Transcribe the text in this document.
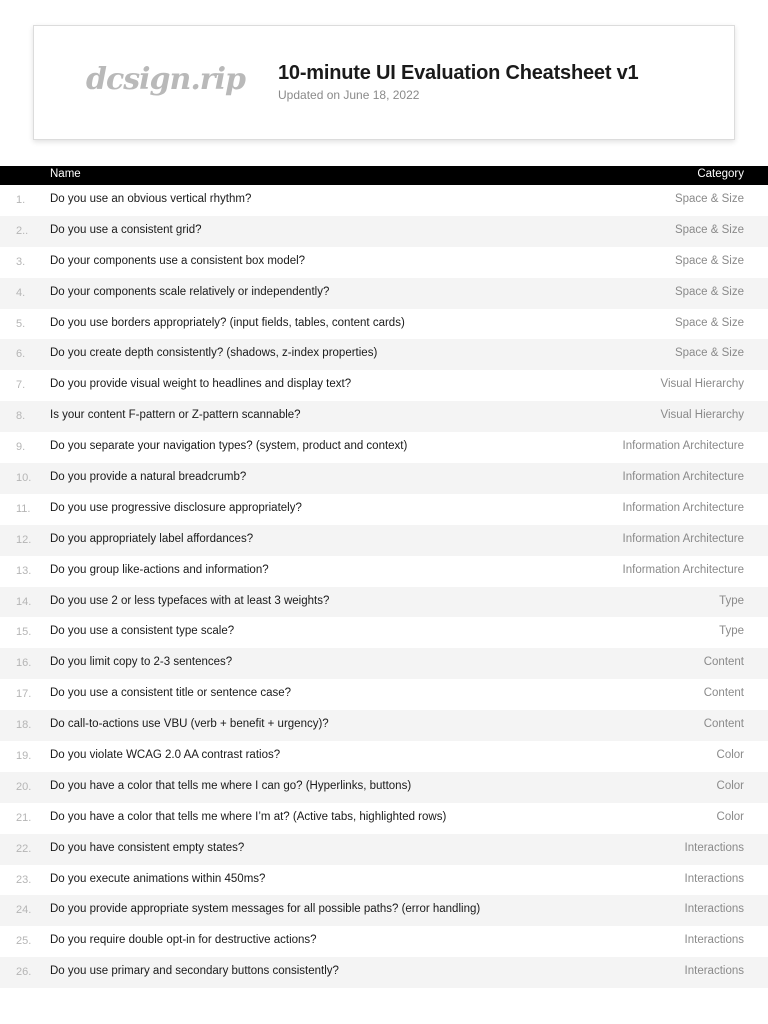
dcsign.rip 10-minute UI Evaluation Cheatsheet v1
Updated on June 18, 2022
Name	Category
1. Do you use an obvious vertical rhythm?	Space & Size
2.. Do you use a consistent grid?	Space & Size
3. Do your components use a consistent box model?	Space & Size
4. Do your components scale relatively or independently?	Space & Size
5. Do you use borders appropriately? (input fields, tables, content cards)	Space & Size
6. Do you create depth consistently? (shadows, z-index properties)	Space & Size
7. Do you provide visual weight to headlines and display text?	Visual Hierarchy
8. Is your content F-pattern or Z-pattern scannable?	Visual Hierarchy
9. Do you separate your navigation types? (system, product and context)	Information Architecture
10. Do you provide a natural breadcrumb?	Information Architecture
11. Do you use progressive disclosure appropriately?	Information Architecture
12. Do you appropriately label affordances?	Information Architecture
13. Do you group like-actions and information?	Information Architecture
14. Do you use 2 or less typefaces with at least 3 weights?	Type
15. Do you use a consistent type scale?	Type
16. Do you limit copy to 2-3 sentences?	Content
17. Do you use a consistent title or sentence case?	Content
18. Do call-to-actions use VBU (verb + benefit + urgency)?	Content
19. Do you violate WCAG 2.0 AA contrast ratios?	Color
20. Do you have a color that tells me where I can go? (Hyperlinks, buttons)	Color
21. Do you have a color that tells me where I’m at? (Active tabs, highlighted rows)	Color
22. Do you have consistent empty states?	Interactions
23. Do you execute animations within 450ms?	Interactions
24. Do you provide appropriate system messages for all possible paths? (error handling)	Interactions
25. Do you require double opt-in for destructive actions?	Interactions
26. Do you use primary and secondary buttons consistently?	Interactions
